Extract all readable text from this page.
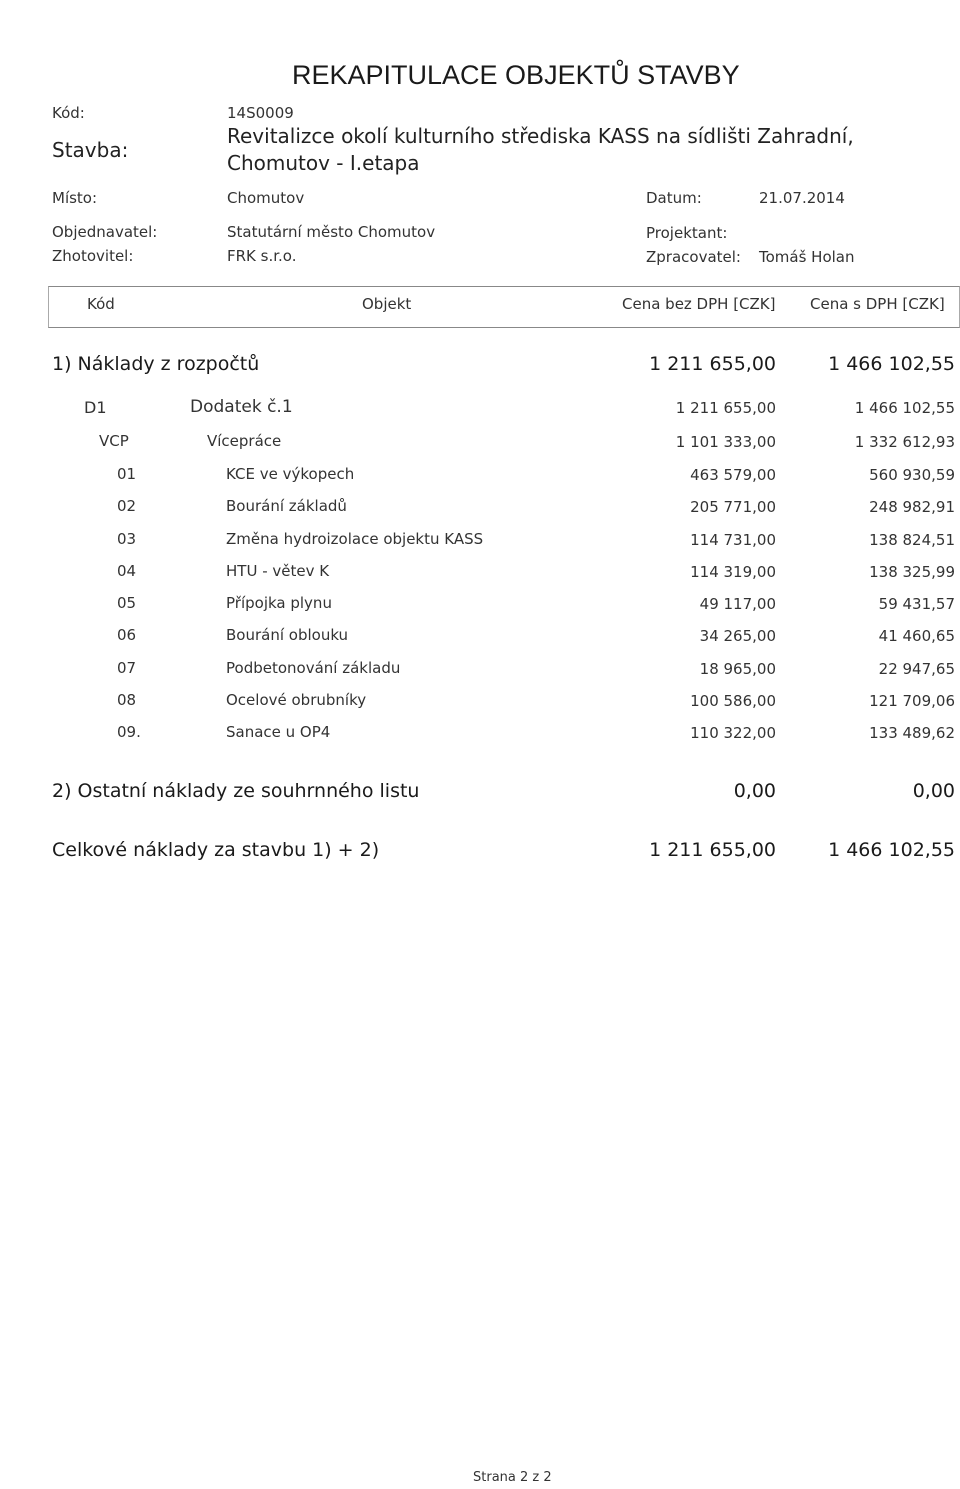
REKAPITULACE OBJEKTŮ STAVBY
Kód:	14S0009
Stavba:
Revitalizce okolí kulturního střediska KASS na sídlišti Zahradní,
Chomutov - I.etapa
Místo:	Chomutov	Datum:	21.07.2014
Objednavatel:	Statutární město Chomutov	Projektant:
Zhotovitel:	FRK s.r.o.	Zpracovatel: Tomáš Holan
Kód	Objekt	Cena bez DPH [CZK] Cena s DPH [CZK]
1) Náklady z rozpočtů	1 211 655,00	1 466 102,55
D1	Dodatek č.1	1 211 655,00	1 466 102,55
VCP	Vícepráce	1 101 333,00	1 332 612,93
01	KCE ve výkopech	463 579,00	560 930,59
02	Bourání základů	205 771,00	248 982,91
03	Změna hydroizolace objektu KASS	114 731,00	138 824,51
04	HTU - větev K	114 319,00	138 325,99
05	Přípojka plynu	49 117,00	59 431,57
06	Bourání oblouku	34 265,00	41 460,65
07	Podbetonování základu	18 965,00	22 947,65
08	Ocelové obrubníky	100 586,00	121 709,06
09.	Sanace u OP4	110 322,00	133 489,62
2) Ostatní náklady ze souhrnného listu	0,00	0,00
Celkové náklady za stavbu 1) + 2)	1 211 655,00	1 466 102,55
Strana 2 z 2
